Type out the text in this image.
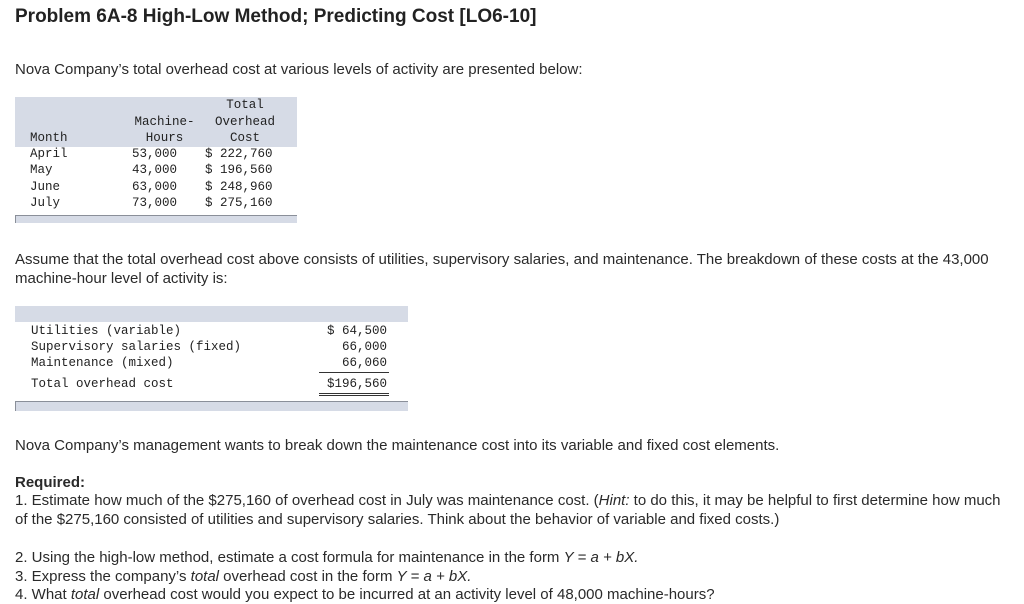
Problem 6A-8 High-Low Method; Predicting Cost [LO6-10]
Nova Company’s total overhead cost at various levels of activity are presented below:
Total
Machine-	Overhead
Month	Hours	Cost
April	53,000 $ 222,760
May	43,000 $ 196,560
June	63,000 $ 248,960
July	73,000 $ 275,160
Assume that the total overhead cost above consists of utilities, supervisory salaries, and maintenance. The breakdown of these costs at the 43,000 machine-hour level of activity is:
Utilities (variable)	$ 64,500
Supervisory salaries (fixed)	66,000
Maintenance (mixed)	66,060
Total overhead cost	$196,560
Nova Company’s management wants to break down the maintenance cost into its variable and fixed cost elements.
Required:
1. Estimate how much of the $275,160 of overhead cost in July was maintenance cost. (Hint: to do this, it may be helpful to first determine how much of the $275,160 consisted of utilities and supervisory salaries. Think about the behavior of variable and fixed costs.)
2. Using the high-low method, estimate a cost formula for maintenance in the form Y = a + bX.
3. Express the company’s total overhead cost in the form Y = a + bX.
4. What total overhead cost would you expect to be incurred at an activity level of 48,000 machine-hours?
